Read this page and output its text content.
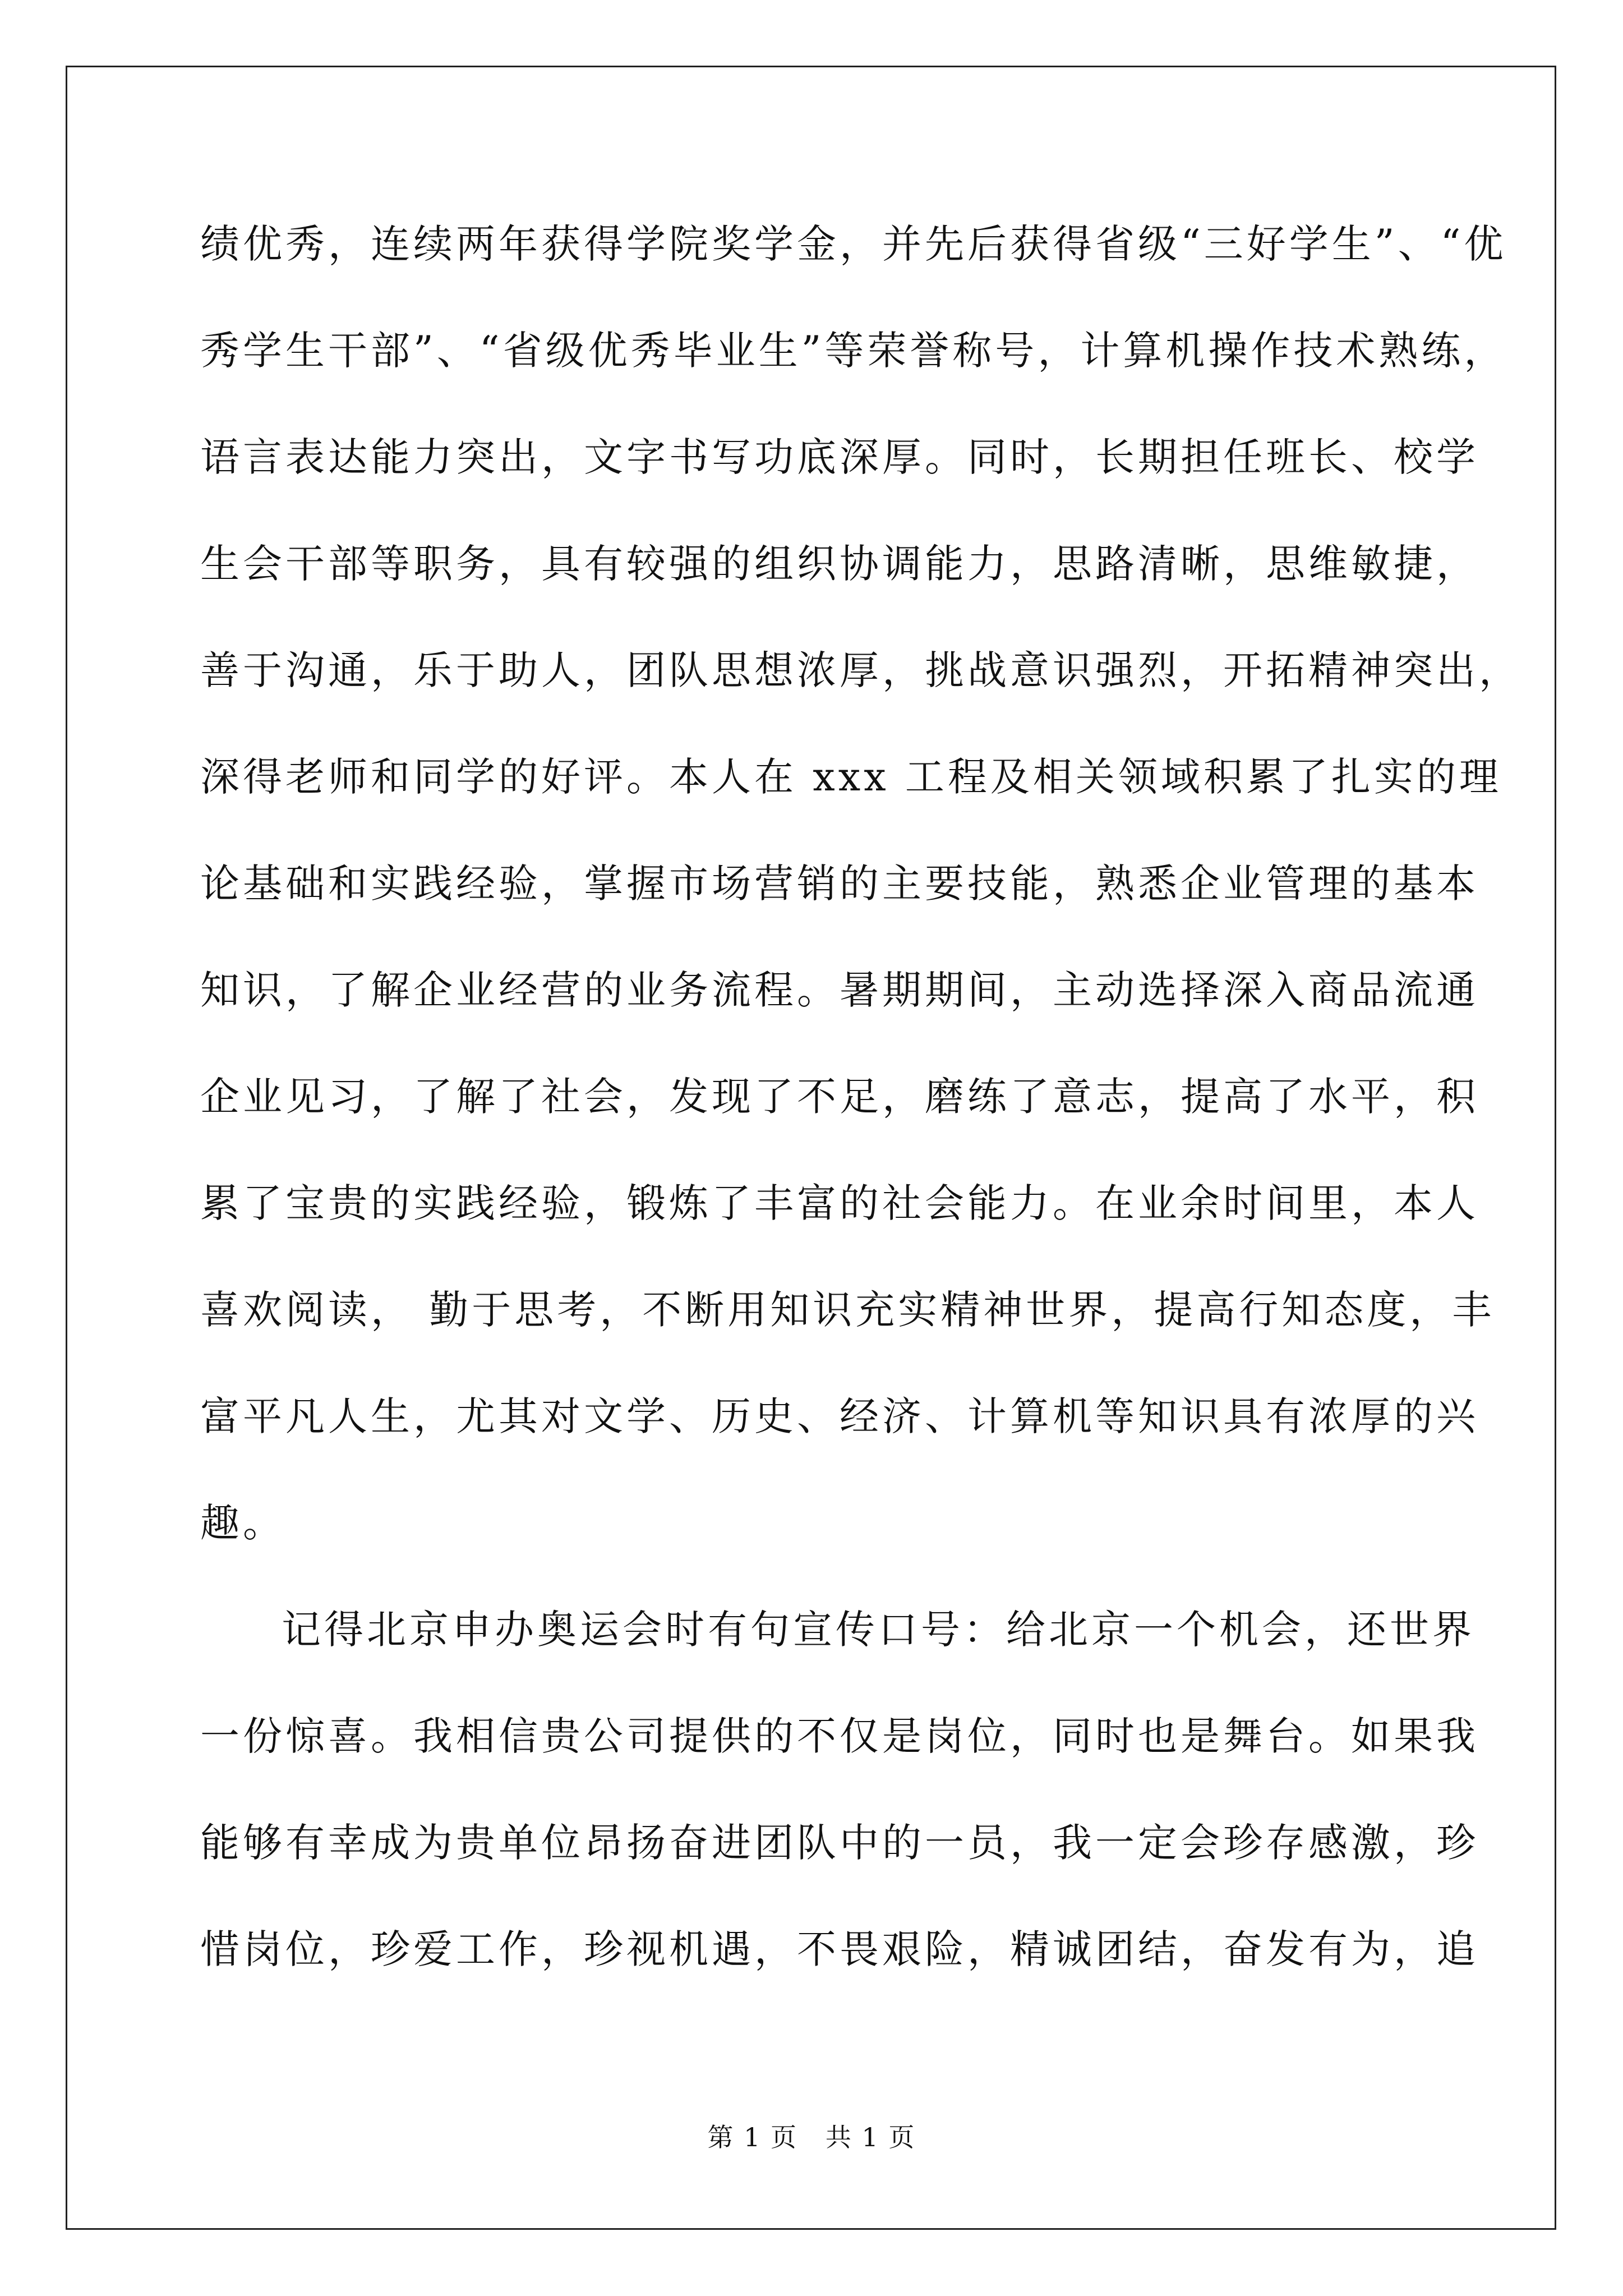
绩优秀，连续两年获得学院奖学金，并先后获得省级“三好学生”、“优
秀学生干部”、“省级优秀毕业生”等荣誉称号，计算机操作技术熟练，
语言表达能力突出，文字书写功底深厚。同时，长期担任班长、校学
生会干部等职务，具有较强的组织协调能力，思路清晰，思维敏捷，
善于沟通，乐于助人，团队思想浓厚，挑战意识强烈，开拓精神突出，
深得老师和同学的好评。本人在 xxx 工程及相关领域积累了扎实的理
论基础和实践经验，掌握市场营销的主要技能，熟悉企业管理的基本
知识，了解企业经营的业务流程。暑期期间，主动选择深入商品流通
企业见习，了解了社会，发现了不足，磨练了意志，提高了水平，积
累了宝贵的实践经验，锻炼了丰富的社会能力。在业余时间里，本人
喜欢阅读， 勤于思考，不断用知识充实精神世界，提高行知态度，丰
富平凡人生，尤其对文学、历史、经济、计算机等知识具有浓厚的兴
趣。
记得北京申办奥运会时有句宣传口号：给北京一个机会，还世界
一份惊喜。我相信贵公司提供的不仅是岗位，同时也是舞台。如果我
能够有幸成为贵单位昂扬奋进团队中的一员，我一定会珍存感激，珍
惜岗位，珍爱工作，珍视机遇，不畏艰险，精诚团结，奋发有为，追
第 1 页   共 1 页
